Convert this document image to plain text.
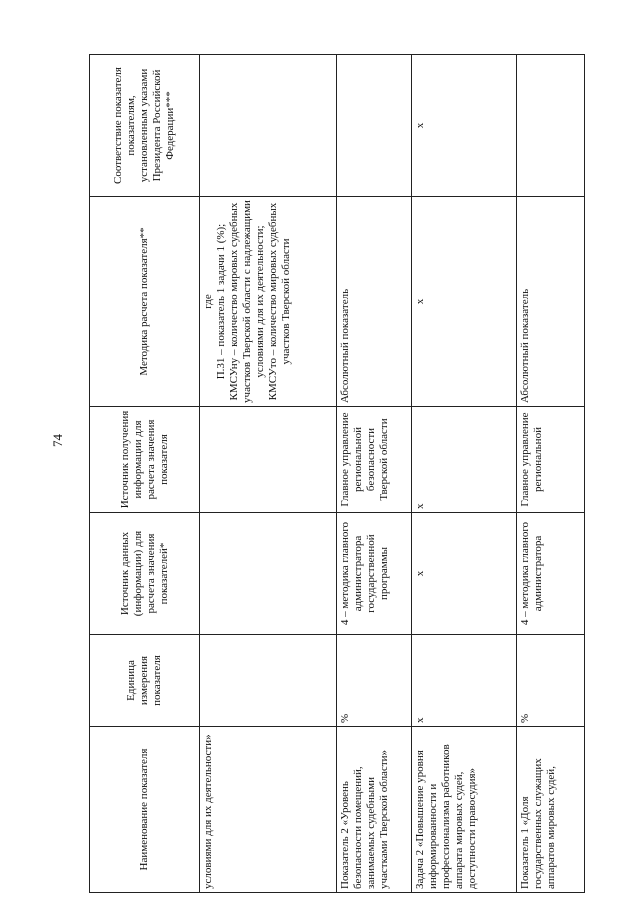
74
Наименование показателя	Единица измерения показателя	Источник данных (информации) для расчета значения показателей*	Источник получения информации для расчета значения показателя	Методика расчета показателя**	Соответствие показателя показателям, установленным указами Президента Российской Федерации***
условиями для их деятельности»				где
П.31 – показатель 1 задачи 1 (%);
КМСУну – количество мировых судебных участков Тверской области с надлежащими условиями для их деятельности;
КМСУто – количество мировых судебных участков Тверской области	
Показатель 2 «Уровень безопасности помещений, занимаемых судебными участками Тверской области»	%	4 – методика главного администратора государственной программы	Главное управление региональной безопасности Тверской области	Абсолютный показатель	
Задача 2 «Повышение уровня информированности и профессионализма работников аппарата мировых судей, доступности правосудия»	х	х	х	х	х
Показатель 1 «Доля государственных служащих аппаратов мировых судей,	%	4 – методика главного администратора	Главное управление региональной	Абсолютный показатель	
